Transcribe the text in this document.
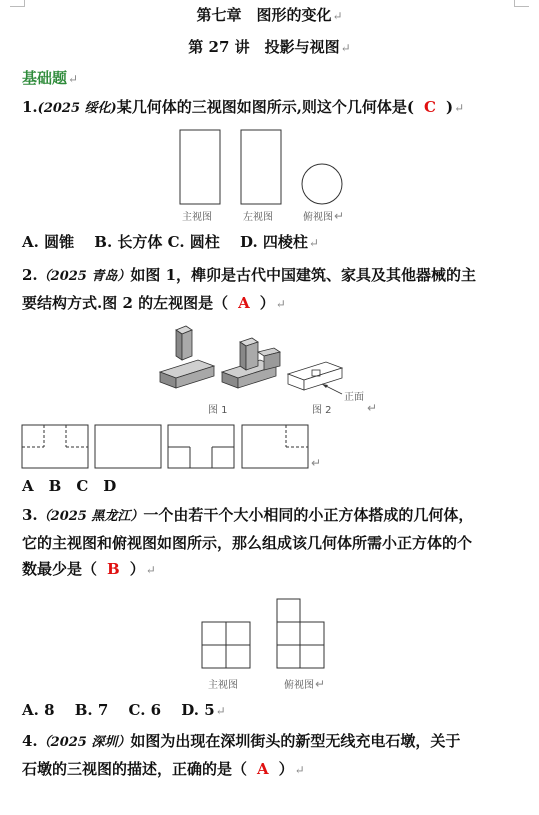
第七章　图形的变化↵
第 27 讲　投影与视图↵
基础题↵
1.(2025 绥化)某几何体的三视图如图所示,则这个几何体是( C )↵
主视图	左视图	俯视图↵
A. 圆锥　 B. 长方体 C. 圆柱　 D. 四棱柱↵
2.（2025 青岛）如图 1，榫卯是古代中国建筑、家具及其他器械的主
要结构方式.图 2 的左视图是（ A ）↵
图 1	图 2
正面
↵
↵
A　B　C　D
3.（2025 黑龙江）一个由若干个大小相同的小正方体搭成的几何体，
它的主视图和俯视图如图所示，那么组成该几何体所需小正方体的个
数最少是（ B ）↵
主视图	俯视图↵
A. 8　 B. 7　 C. 6　 D. 5↵
4.（2025 深圳）如图为出现在深圳街头的新型无线充电石墩，关于
石墩的三视图的描述，正确的是（ A ）↵
